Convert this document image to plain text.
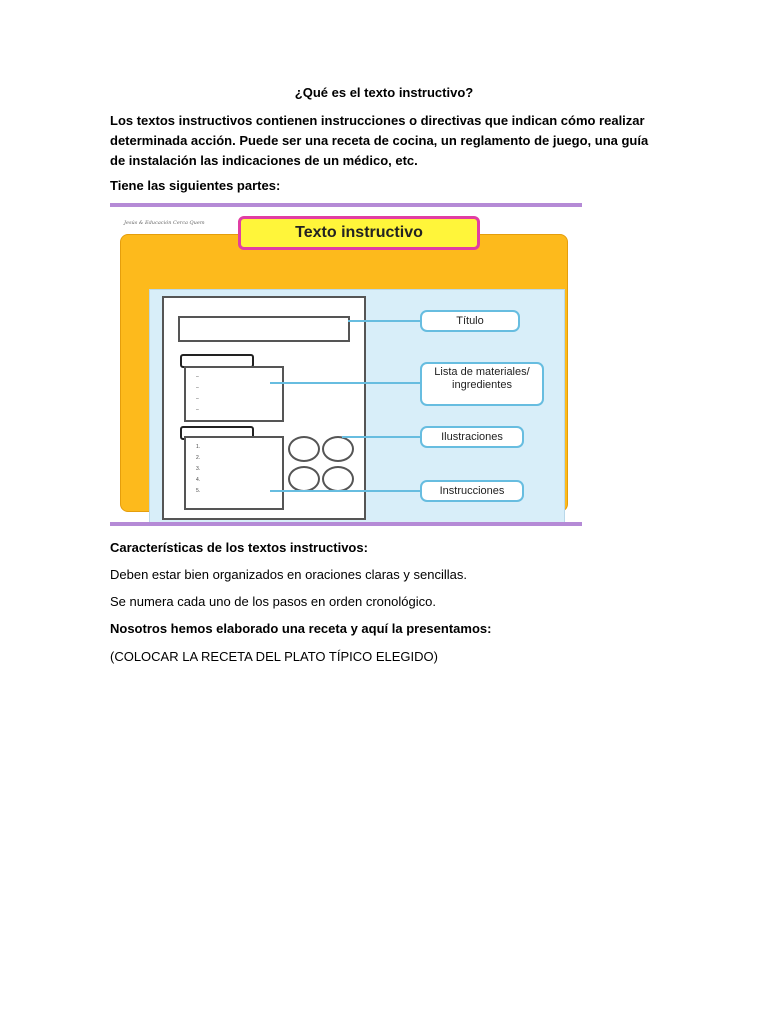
¿Qué es el texto instructivo?
Los textos instructivos contienen instrucciones o directivas que indican cómo realizar determinada acción. Puede ser una receta de cocina, un reglamento de juego, una guía de instalación las indicaciones de un médico, etc.
Tiene las siguientes partes:
Jesús & Educación Cerca Quem
–
–
–
–
1.
2.
3.
4.
5.
Título
Lista de materiales/ ingredientes
Ilustraciones
Instrucciones
Texto instructivo
Características de los textos instructivos:
Deben estar bien organizados en oraciones claras y sencillas.
Se numera cada uno de los pasos en orden cronológico.
Nosotros hemos elaborado una receta y aquí la presentamos:
(COLOCAR LA RECETA DEL PLATO TÍPICO ELEGIDO)
